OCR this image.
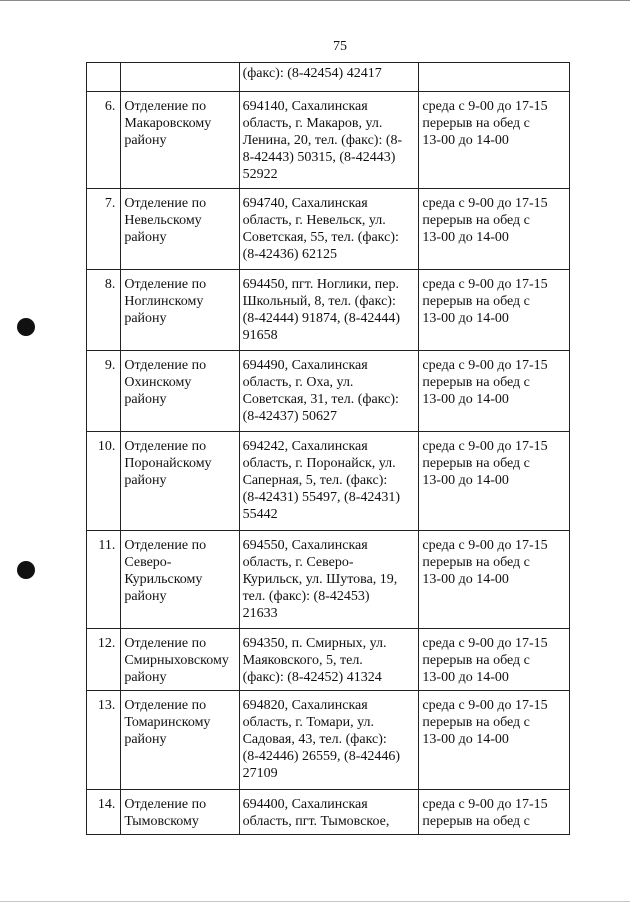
75
		(факс): (8-42454) 42417	
6.	Отделение по
Макаровскому
району	694140, Сахалинская
область, г. Макаров, ул.
Ленина, 20, тел. (факс): (8-
8-42443) 50315, (8-42443)
52922	среда с 9-00 до 17-15
перерыв на обед с
13-00 до 14-00
7.	Отделение по
Невельскому
району	694740, Сахалинская
область, г. Невельск, ул.
Советская, 55, тел. (факс):
(8-42436) 62125	среда с 9-00 до 17-15
перерыв на обед с
13-00 до 14-00
8.	Отделение по
Ноглинскому
району	694450, пгт. Ноглики, пер.
Школьный, 8, тел. (факс):
(8-42444) 91874, (8-42444)
91658	среда с 9-00 до 17-15
перерыв на обед с
13-00 до 14-00
9.	Отделение по
Охинскому
району	694490, Сахалинская
область, г. Оха, ул.
Советская, 31, тел. (факс):
(8-42437) 50627	среда с 9-00 до 17-15
перерыв на обед с
13-00 до 14-00
10.	Отделение по
Поронайскому
району	694242, Сахалинская
область, г. Поронайск, ул.
Саперная, 5, тел. (факс):
(8-42431) 55497, (8-42431)
55442	среда с 9-00 до 17-15
перерыв на обед с
13-00 до 14-00
11.	Отделение по
Северо-
Курильскому
району	694550, Сахалинская
область, г. Северо-
Курильск, ул. Шутова, 19,
тел. (факс): (8-42453)
21633	среда с 9-00 до 17-15
перерыв на обед с
13-00 до 14-00
12.	Отделение по
Смирныховскому
району	694350, п. Смирных, ул.
Маяковского, 5, тел.
(факс): (8-42452) 41324	среда с 9-00 до 17-15
перерыв на обед с
13-00 до 14-00
13.	Отделение по
Томаринскому
району	694820, Сахалинская
область, г. Томари, ул.
Садовая, 43, тел. (факс):
(8-42446) 26559, (8-42446)
27109	среда с 9-00 до 17-15
перерыв на обед с
13-00 до 14-00
14.	Отделение по
Тымовскому	694400, Сахалинская
область, пгт. Тымовское,	среда с 9-00 до 17-15
перерыв на обед с
